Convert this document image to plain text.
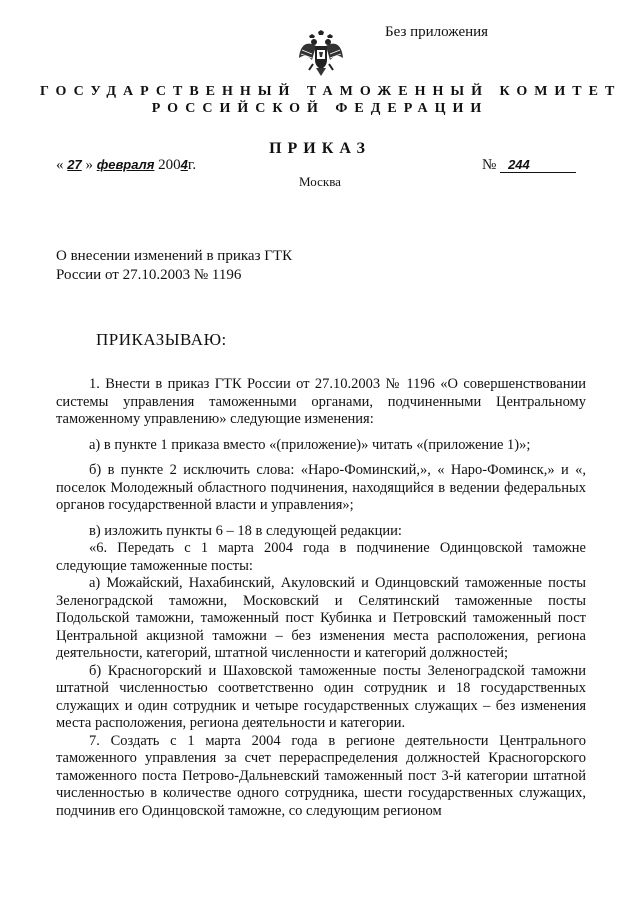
Без приложения
ГОСУДАРСТВЕННЫЙ ТАМОЖЕННЫЙ КОМИТЕТ
РОССИЙСКОЙ ФЕДЕРАЦИИ
ПРИКАЗ
« 27 » февраля 2004г.	№ 244
Москва
О внесении изменений в приказ ГТК
России от 27.10.2003 № 1196
ПРИКАЗЫВАЮ:

1. Внести в приказ ГТК России от 27.10.2003 № 1196 «О совершенствовании системы управления таможенными органами, подчиненными Центральному таможенному управлению» следующие изменения:

а) в пункте 1 приказа вместо «(приложение)» читать «(приложение 1)»;

б) в пункте 2 исключить слова: «Наро-Фоминский,», « Наро-Фоминск,» и «, поселок Молодежный областного подчинения, находящийся в ведении федеральных органов государственной власти и управления»;

в) изложить пункты 6 – 18 в следующей редакции:

«6. Передать с 1 марта 2004 года в подчинение Одинцовской таможне следующие таможенные посты:

а) Можайский, Нахабинский, Акуловский и Одинцовский таможенные посты Зеленоградской таможни, Московский и Селятинский таможенные посты Подольской таможни, таможенный пост Кубинка и Петровский таможенный пост Центральной акцизной таможни – без изменения места расположения, региона деятельности, категорий, штатной численности и категорий должностей;

б) Красногорский и Шаховской таможенные посты Зеленоградской таможни штатной численностью соответственно один сотрудник и 18 государственных служащих и один сотрудник и четыре государственных служащих – без изменения места расположения, региона деятельности и категории.

7. Создать с 1 марта 2004 года в регионе деятельности Центрального таможенного управления за счет перераспределения должностей Красногорского таможенного поста Петрово-Дальневский таможенный пост 3-й категории штатной численностью в количестве одного сотрудника, шести государственных служащих, подчинив его Одинцовской таможне, со следующим регионом
